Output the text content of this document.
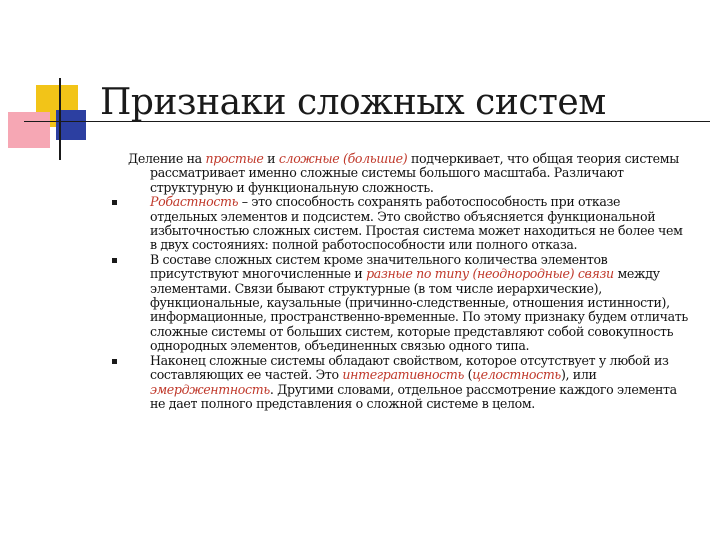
Признаки сложных систем
Деление на простые и сложные (большие) подчеркивает, что общая теория системы рассматривает именно сложные системы большого масштаба. Различают структурную и функциональную сложность.
Робастность – это способность сохранять работоспособность при отказе отдельных элементов и подсистем. Это свойство объясняется функциональной избыточностью сложных систем. Простая система может находиться не более чем в двух состояниях: полной работоспособности или полного отказа.
В составе сложных систем кроме значительного количества элементов присутствуют многочисленные и разные по типу (неоднородные) связи между элементами. Связи бывают структурные (в том числе иерархические), функциональные, каузальные (причинно-следственные, отношения истинности), информационные, пространственно-временные. По этому признаку будем отличать сложные системы от больших систем, которые представляют собой совокупность однородных элементов, объединенных связью одного типа.
Наконец сложные системы обладают свойством, которое отсутствует у любой из составляющих ее частей. Это интегративность (целостность), или эмерджентность. Другими словами, отдельное рассмотрение каждого элемента не дает полного представления о сложной системе в целом.
